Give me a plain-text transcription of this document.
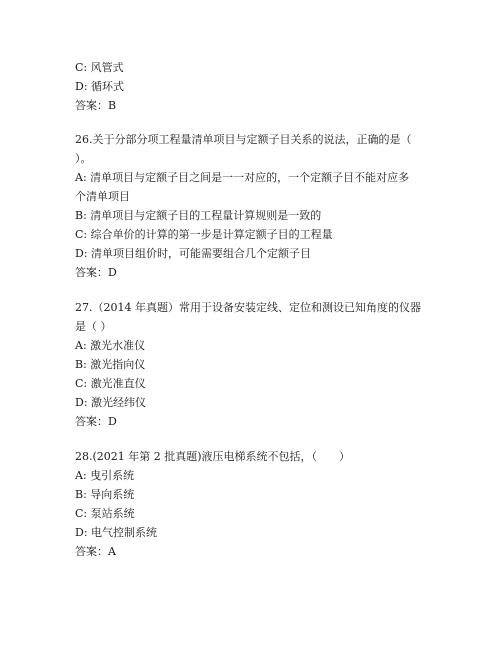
C: 风管式
D: 循环式
答案：B
26.关于分部分项工程量清单项目与定额子目关系的说法，正确的是（
）。
A: 清单项目与定额子目之间是一一对应的，一个定额子目不能对应多
个清单项目
B: 清单项目与定额子目的工程量计算规则是一致的
C: 综合单价的计算的第一步是计算定额子目的工程量
D: 清单项目组价时，可能需要组合几个定额子目
答案：D
27.（2014 年真题）常用于设备安装定线、定位和测设已知角度的仪器
是（ ）
A: 激光水准仪
B: 激光指向仪
C: 激光准直仪
D: 激光经纬仪
答案：D
28.(2021 年第 2 批真题)液压电梯系统不包括，（　　）
A: 曳引系统
B: 导向系统
C: 泵站系统
D: 电气控制系统
答案：A
